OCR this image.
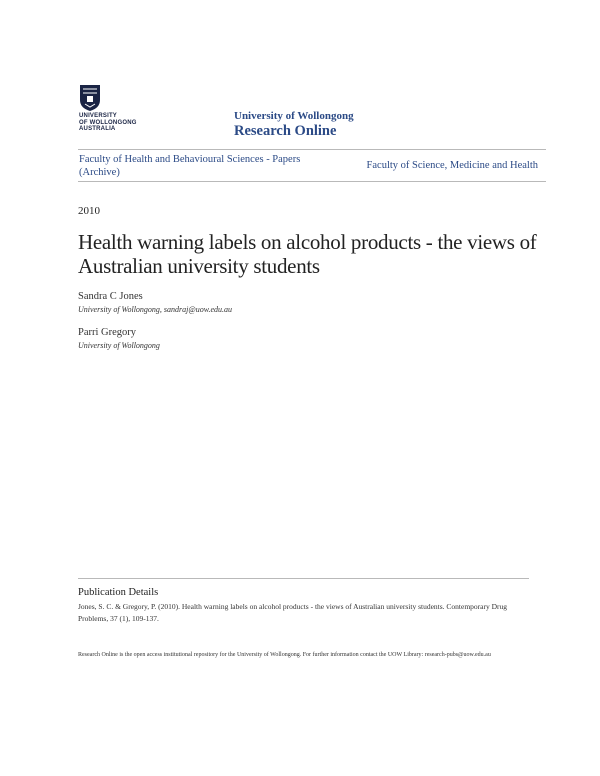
UNIVERSITY
OF WOLLONGONG
AUSTRALIA
University of Wollongong
Research Online
Faculty of Health and Behavioural Sciences - Papers (Archive)
Faculty of Science, Medicine and Health
2010
Health warning labels on alcohol products - the views of Australian university students
Sandra C Jones
University of Wollongong, sandraj@uow.edu.au
Parri Gregory
University of Wollongong
Publication Details
Jones, S. C. & Gregory, P. (2010). Health warning labels on alcohol products - the views of Australian university students. Contemporary Drug Problems, 37 (1), 109-137.
Research Online is the open access institutional repository for the University of Wollongong. For further information contact the UOW Library: research-pubs@uow.edu.au
